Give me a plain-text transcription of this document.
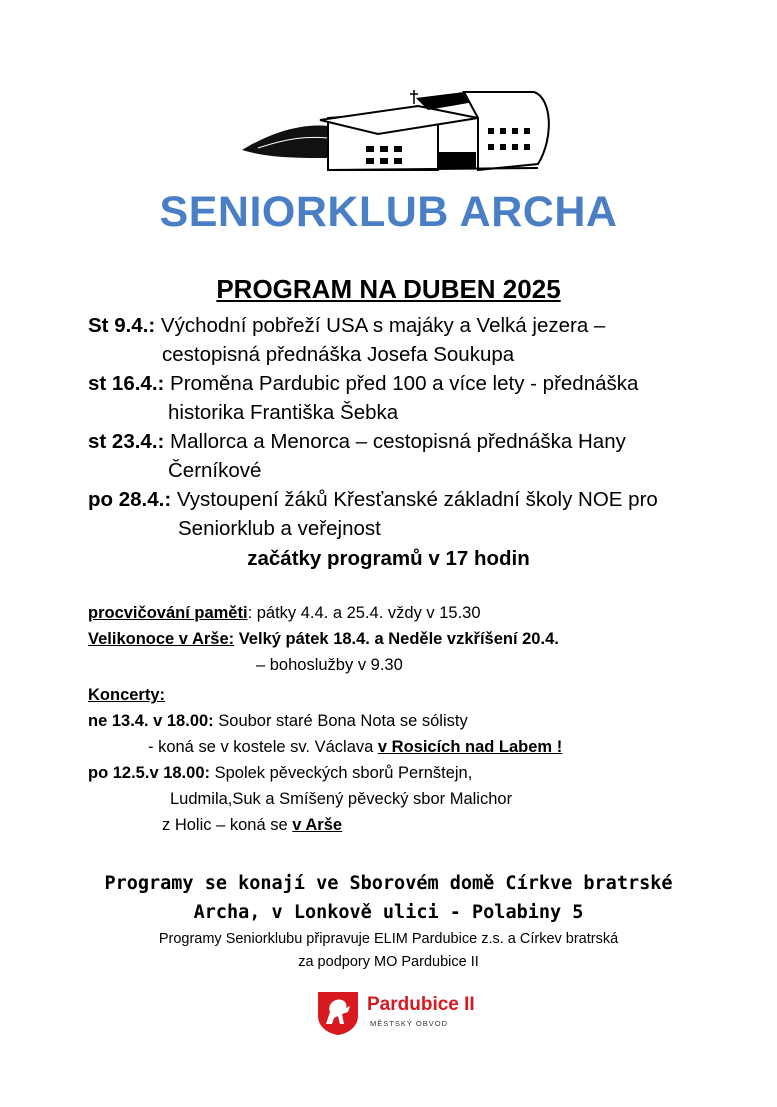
SENIORKLUB ARCHA
PROGRAM NA DUBEN 2025
St 9.4.: Východní pobřeží USA s majáky a Velká jezera –
cestopisná přednáška Josefa Soukupa
st 16.4.: Proměna Pardubic před 100 a více lety - přednáška
historika Františka Šebka
st 23.4.: Mallorca a Menorca – cestopisná přednáška Hany
Černíkové
po 28.4.: Vystoupení žáků Křesťanské základní školy NOE pro
Seniorklub a veřejnost
začátky programů v 17 hodin
procvičování paměti: pátky 4.4. a 25.4. vždy v 15.30
Velikonoce v Arše: Velký pátek 18.4. a Neděle vzkříšení 20.4.
– bohoslužby v 9.30
Koncerty:
ne 13.4. v 18.00: Soubor staré Bona Nota se sólisty
- koná se v kostele sv. Václava v Rosicích nad Labem !
po 12.5.v 18.00: Spolek pěveckých sborů Pernštejn,
Ludmila,Suk a Smíšený pěvecký sbor Malichor
z Holic – koná se v Arše
Programy se konají ve Sborovém domě Církve bratrské
Archa, v Lonkově ulici - Polabiny 5
Programy Seniorklubu připravuje ELIM Pardubice z.s. a Církev bratrská
za podpory MO Pardubice II
Pardubice II
MĚSTSKÝ OBVOD
